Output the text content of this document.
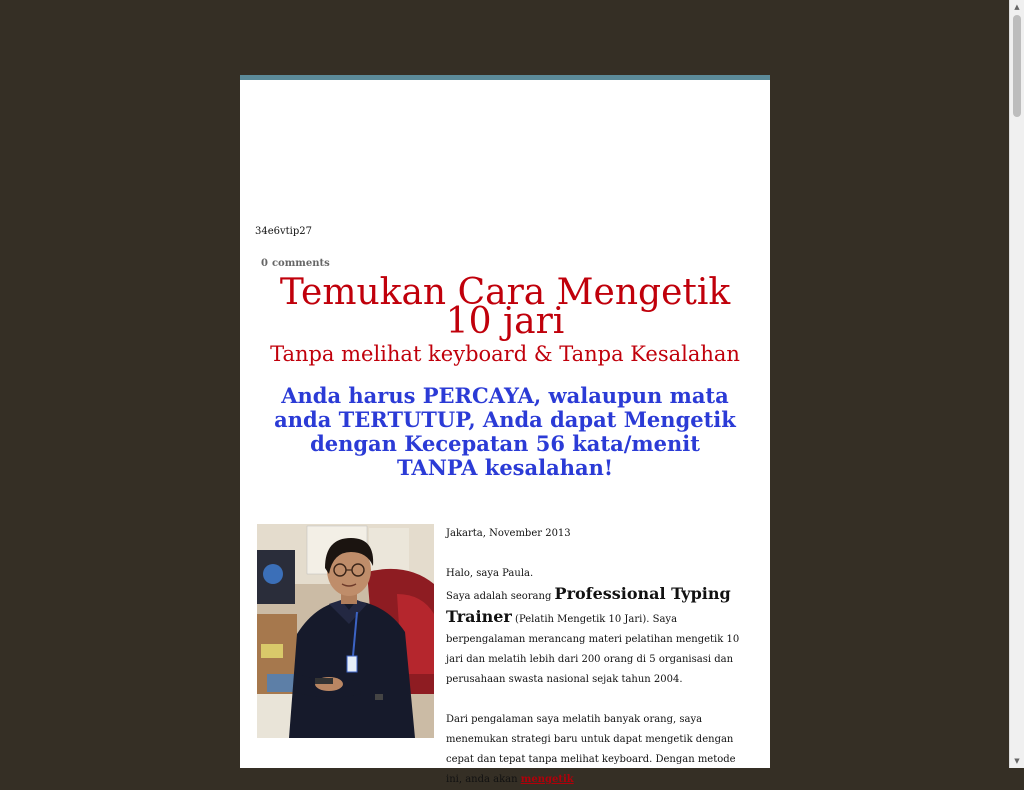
34e6vtip27
0 comments
Temukan Cara Mengetik 10 jari
Tanpa melihat keyboard & Tanpa Kesalahan
Anda harus PERCAYA, walaupun mata anda TERTUTUP, Anda dapat Mengetik dengan Kecepatan 56 kata/menit TANPA kesalahan!

Jakarta, November 2013

Halo, saya Paula.

Saya adalah seorang Professional Typing Trainer (Pelatih Mengetik 10 Jari). Saya berpengalaman merancang materi pelatihan mengetik 10 jari dan melatih lebih dari 200 orang di 5 organisasi dan perusahaan swasta nasional sejak tahun 2004.

Dari pengalaman saya melatih banyak orang, saya menemukan strategi baru untuk dapat mengetik dengan cepat dan tepat tanpa melihat keyboard. Dengan metode ini, anda akan mengetik

▲
▼
